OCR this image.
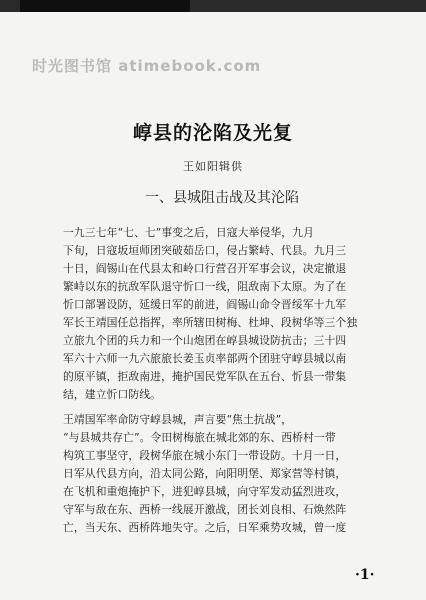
时光图书馆 atimebook.com
崞县的沦陷及光复
王如阳辑供
一、县城阻击战及其沦陷
一九三七年“七、七”事变之后，日寇大举侵华，九月
下旬，日寇坂垣师团突破茹岳口，侵占繁峙、代县。九月三
十日，阎锡山在代县太和岭口行营召开军事会议，决定撤退
繁峙以东的抗敌军队退守忻口一线，阻敌南下太原。为了在
忻口部署设防，延缓日军的前进，阎锡山命令晋绥军十九军
军长王靖国任总指挥，率所辖田树梅、杜坤、段树华等三个独
立旅九个团的兵力和一个山炮团在崞县城设防抗击；三十四
军六十六师一九六旅旅长姜玉贞率部两个团驻守崞县城以南
的原平镇，拒敌南进，掩护国民党军队在五台、忻县一带集
结，建立忻口防线。
王靖国军率命防守崞县城，声言要“焦土抗战”，
“与县城共存亡”。令田树梅旅在城北郊的东、西桥村一带
构筑工事坚守，段树华旅在城小东门一带设防。十月一日，
日军从代县方向，沿太同公路，向阳明堡、郑家营等村镇，
在飞机和重炮掩护下，进犯崞县城，向守军发动猛烈进攻，
守军与敌在东、西桥一线展开激战，团长刘良相、石焕然阵
亡，当天东、西桥阵地失守。之后，日军乘势攻城，曾一度
·1·
